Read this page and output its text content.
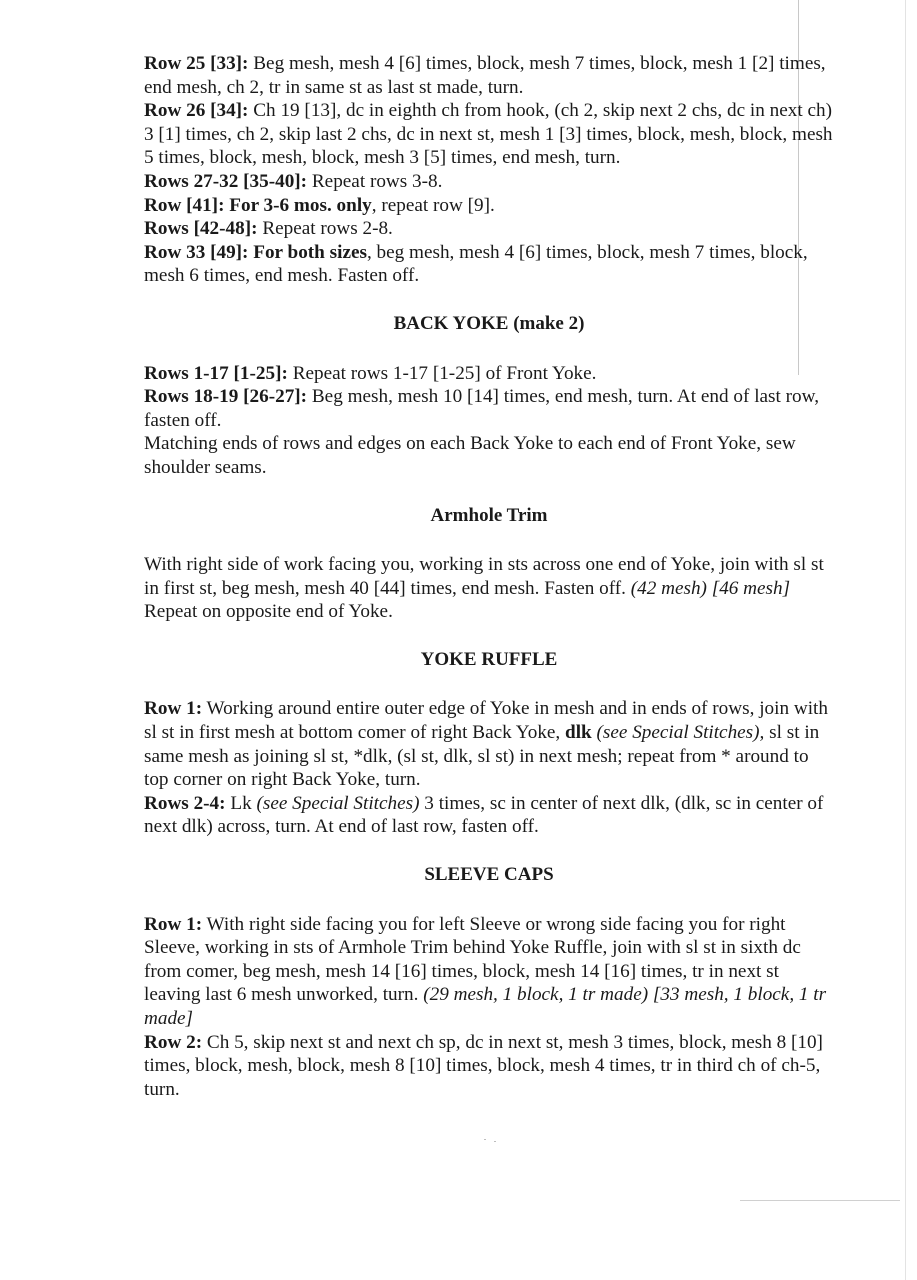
Row 25 [33]: Beg mesh, mesh 4 [6] times, block, mesh 7 times, block, mesh 1 [2] times, end mesh, ch 2, tr in same st as last st made, turn.

Row 26 [34]: Ch 19 [13], dc in eighth ch from hook, (ch 2, skip next 2 chs, dc in next ch) 3 [1] times, ch 2, skip last 2 chs, dc in next st, mesh 1 [3] times, block, mesh, block, mesh 5 times, block, mesh, block, mesh 3 [5] times, end mesh, turn.

Rows 27-32 [35-40]: Repeat rows 3-8.

Row [41]: For 3-6 mos. only, repeat row [9].

Rows [42-48]: Repeat rows 2-8.

Row 33 [49]: For both sizes, beg mesh, mesh 4 [6] times, block, mesh 7 times, block, mesh 6 times, end mesh. Fasten off.

BACK YOKE (make 2)

Rows 1-17 [1-25]: Repeat rows 1-17 [1-25] of Front Yoke.

Rows 18-19 [26-27]: Beg mesh, mesh 10 [14] times, end mesh, turn. At end of last row, fasten off.

Matching ends of rows and edges on each Back Yoke to each end of Front Yoke, sew shoulder seams.

Armhole Trim

With right side of work facing you, working in sts across one end of Yoke, join with sl st in first st, beg mesh, mesh 40 [44] times, end mesh. Fasten off. (42 mesh) [46 mesh]

Repeat on opposite end of Yoke.

YOKE RUFFLE

Row 1: Working around entire outer edge of Yoke in mesh and in ends of rows, join with sl st in first mesh at bottom comer of right Back Yoke, dlk (see Special Stitches), sl st in same mesh as joining sl st, *dlk, (sl st, dlk, sl st) in next mesh; repeat from * around to top corner on right Back Yoke, turn.

Rows 2-4: Lk (see Special Stitches) 3 times, sc in center of next dlk, (dlk, sc in center of next dlk) across, turn. At end of last row, fasten off.

SLEEVE CAPS

Row 1: With right side facing you for left Sleeve or wrong side facing you for right Sleeve, working in sts of Armhole Trim behind Yoke Ruffle, join with sl st in sixth dc from comer, beg mesh, mesh 14 [16] times, block, mesh 14 [16] times, tr in next st leaving last 6 mesh unworked, turn. (29 mesh, 1 block, 1 tr made) [33 mesh, 1 block, 1 tr made]

Row 2: Ch 5, skip next st and next ch sp, dc in next st, mesh 3 times, block, mesh 8 [10] times, block, mesh, block, mesh 8 [10] times, block, mesh 4 times, tr in third ch of ch-5, turn.
